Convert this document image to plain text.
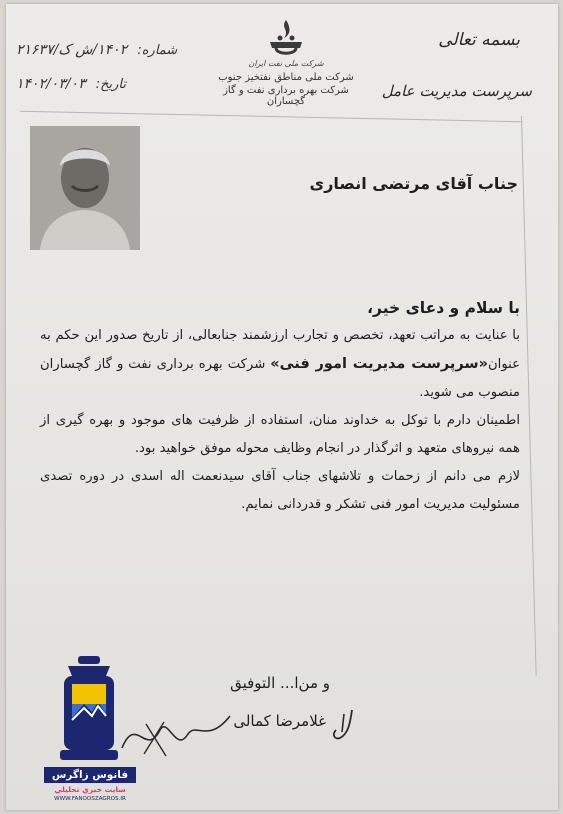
بسمه تعالی
سرپرست مدیریت عامل
شماره: ۱۴۰۲/ش ک/۲۱۶۳۷
تاریخ: ۱۴۰۲/۰۳/۰۳
شرکت ملی نفت ایران
شرکت ملی مناطق نفتخیز جنوب
شرکت بهره برداری نفت و گاز گچساران
جناب آقای مرتضی انصاری

با سلام و دعای خیر،

با عنایت به مراتب تعهد، تخصص و تجارب ارزشمند جنابعالی، از تاریخ صدور این حکم به عنوان«سرپرست مدیریت امور فنی» شرکت بهره برداری نفت و گاز گچساران منصوب می شوید.

اطمینان دارم با توکل به خداوند منان، استفاده از ظرفیت های موجود و بهره گیری از همه نیروهای متعهد و اثرگذار در انجام وظایف محوله موفق خواهید بود.

لازم می دانم از زحمات و تلاشهای جناب آقای سیدنعمت اله اسدی در دوره تصدی مسئولیت مدیریت امور فنی تشکر و قدردانی نمایم.

و من‌ا... التوفیق
غلامرضا کمالی
فانوس زاگرس
سایت خبری تحلیلی
WWW.FANOOSZAGROS.IR
